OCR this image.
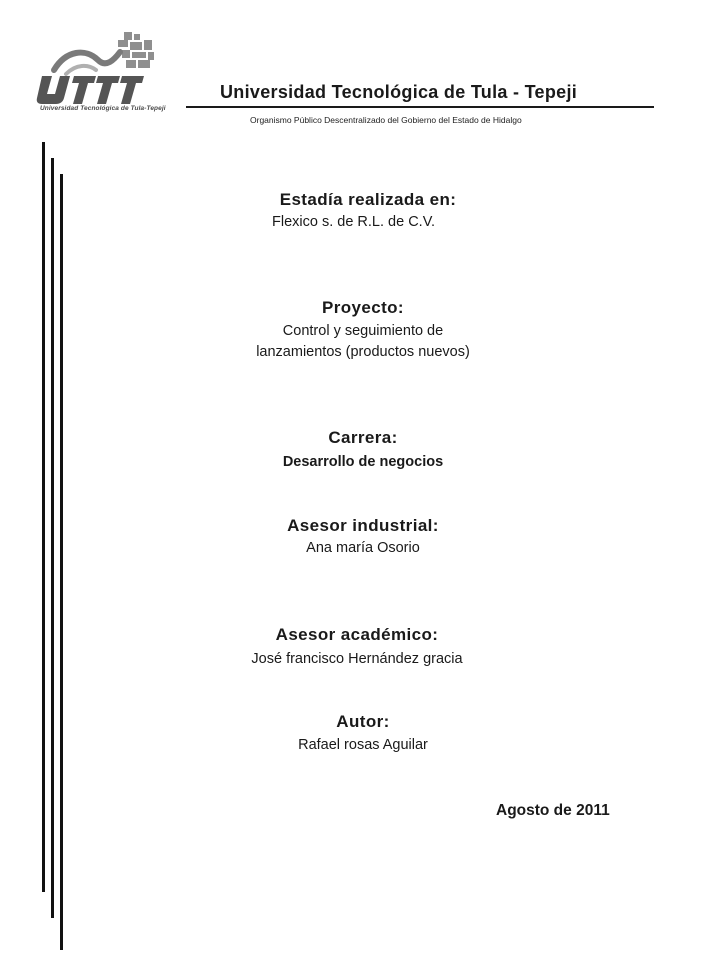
Universidad Tecnológica de Tula-Tepeji
Universidad Tecnológica de Tula - Tepeji
Organismo Público Descentralizado del Gobierno del Estado de Hidalgo
Estadía realizada en:
Flexico s. de R.L. de C.V.
Proyecto:
Control y seguimiento de
lanzamientos (productos nuevos)
Carrera:
Desarrollo de negocios
Asesor industrial:
Ana maría Osorio
Asesor académico:
José francisco Hernández gracia
Autor:
Rafael rosas Aguilar
Agosto de 2011
